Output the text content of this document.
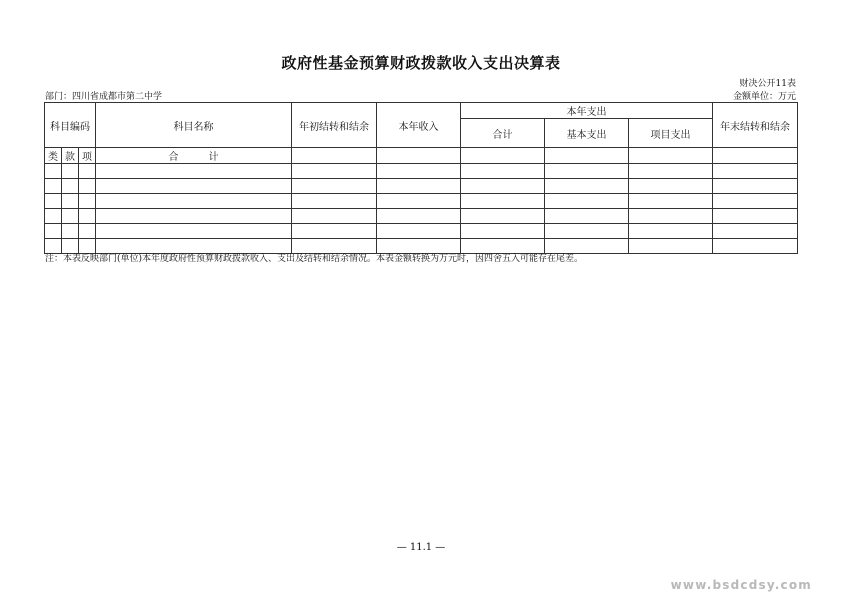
政府性基金预算财政拨款收入支出决算表
财决公开11表
部门：四川省成都市第二中学	金额单位：万元
科目编码			科目名称	年初结转和结余	本年收入	本年支出			年末结转和结余
						合计	基本支出	项目支出	
类	款	项	合　　　计						

注：本表反映部门(单位)本年度政府性预算财政拨款收入、支出及结转和结余情况。本表金额转换为万元时，因四舍五入可能存在尾差。
— 11.1 —
www.bsdcdsy.com
